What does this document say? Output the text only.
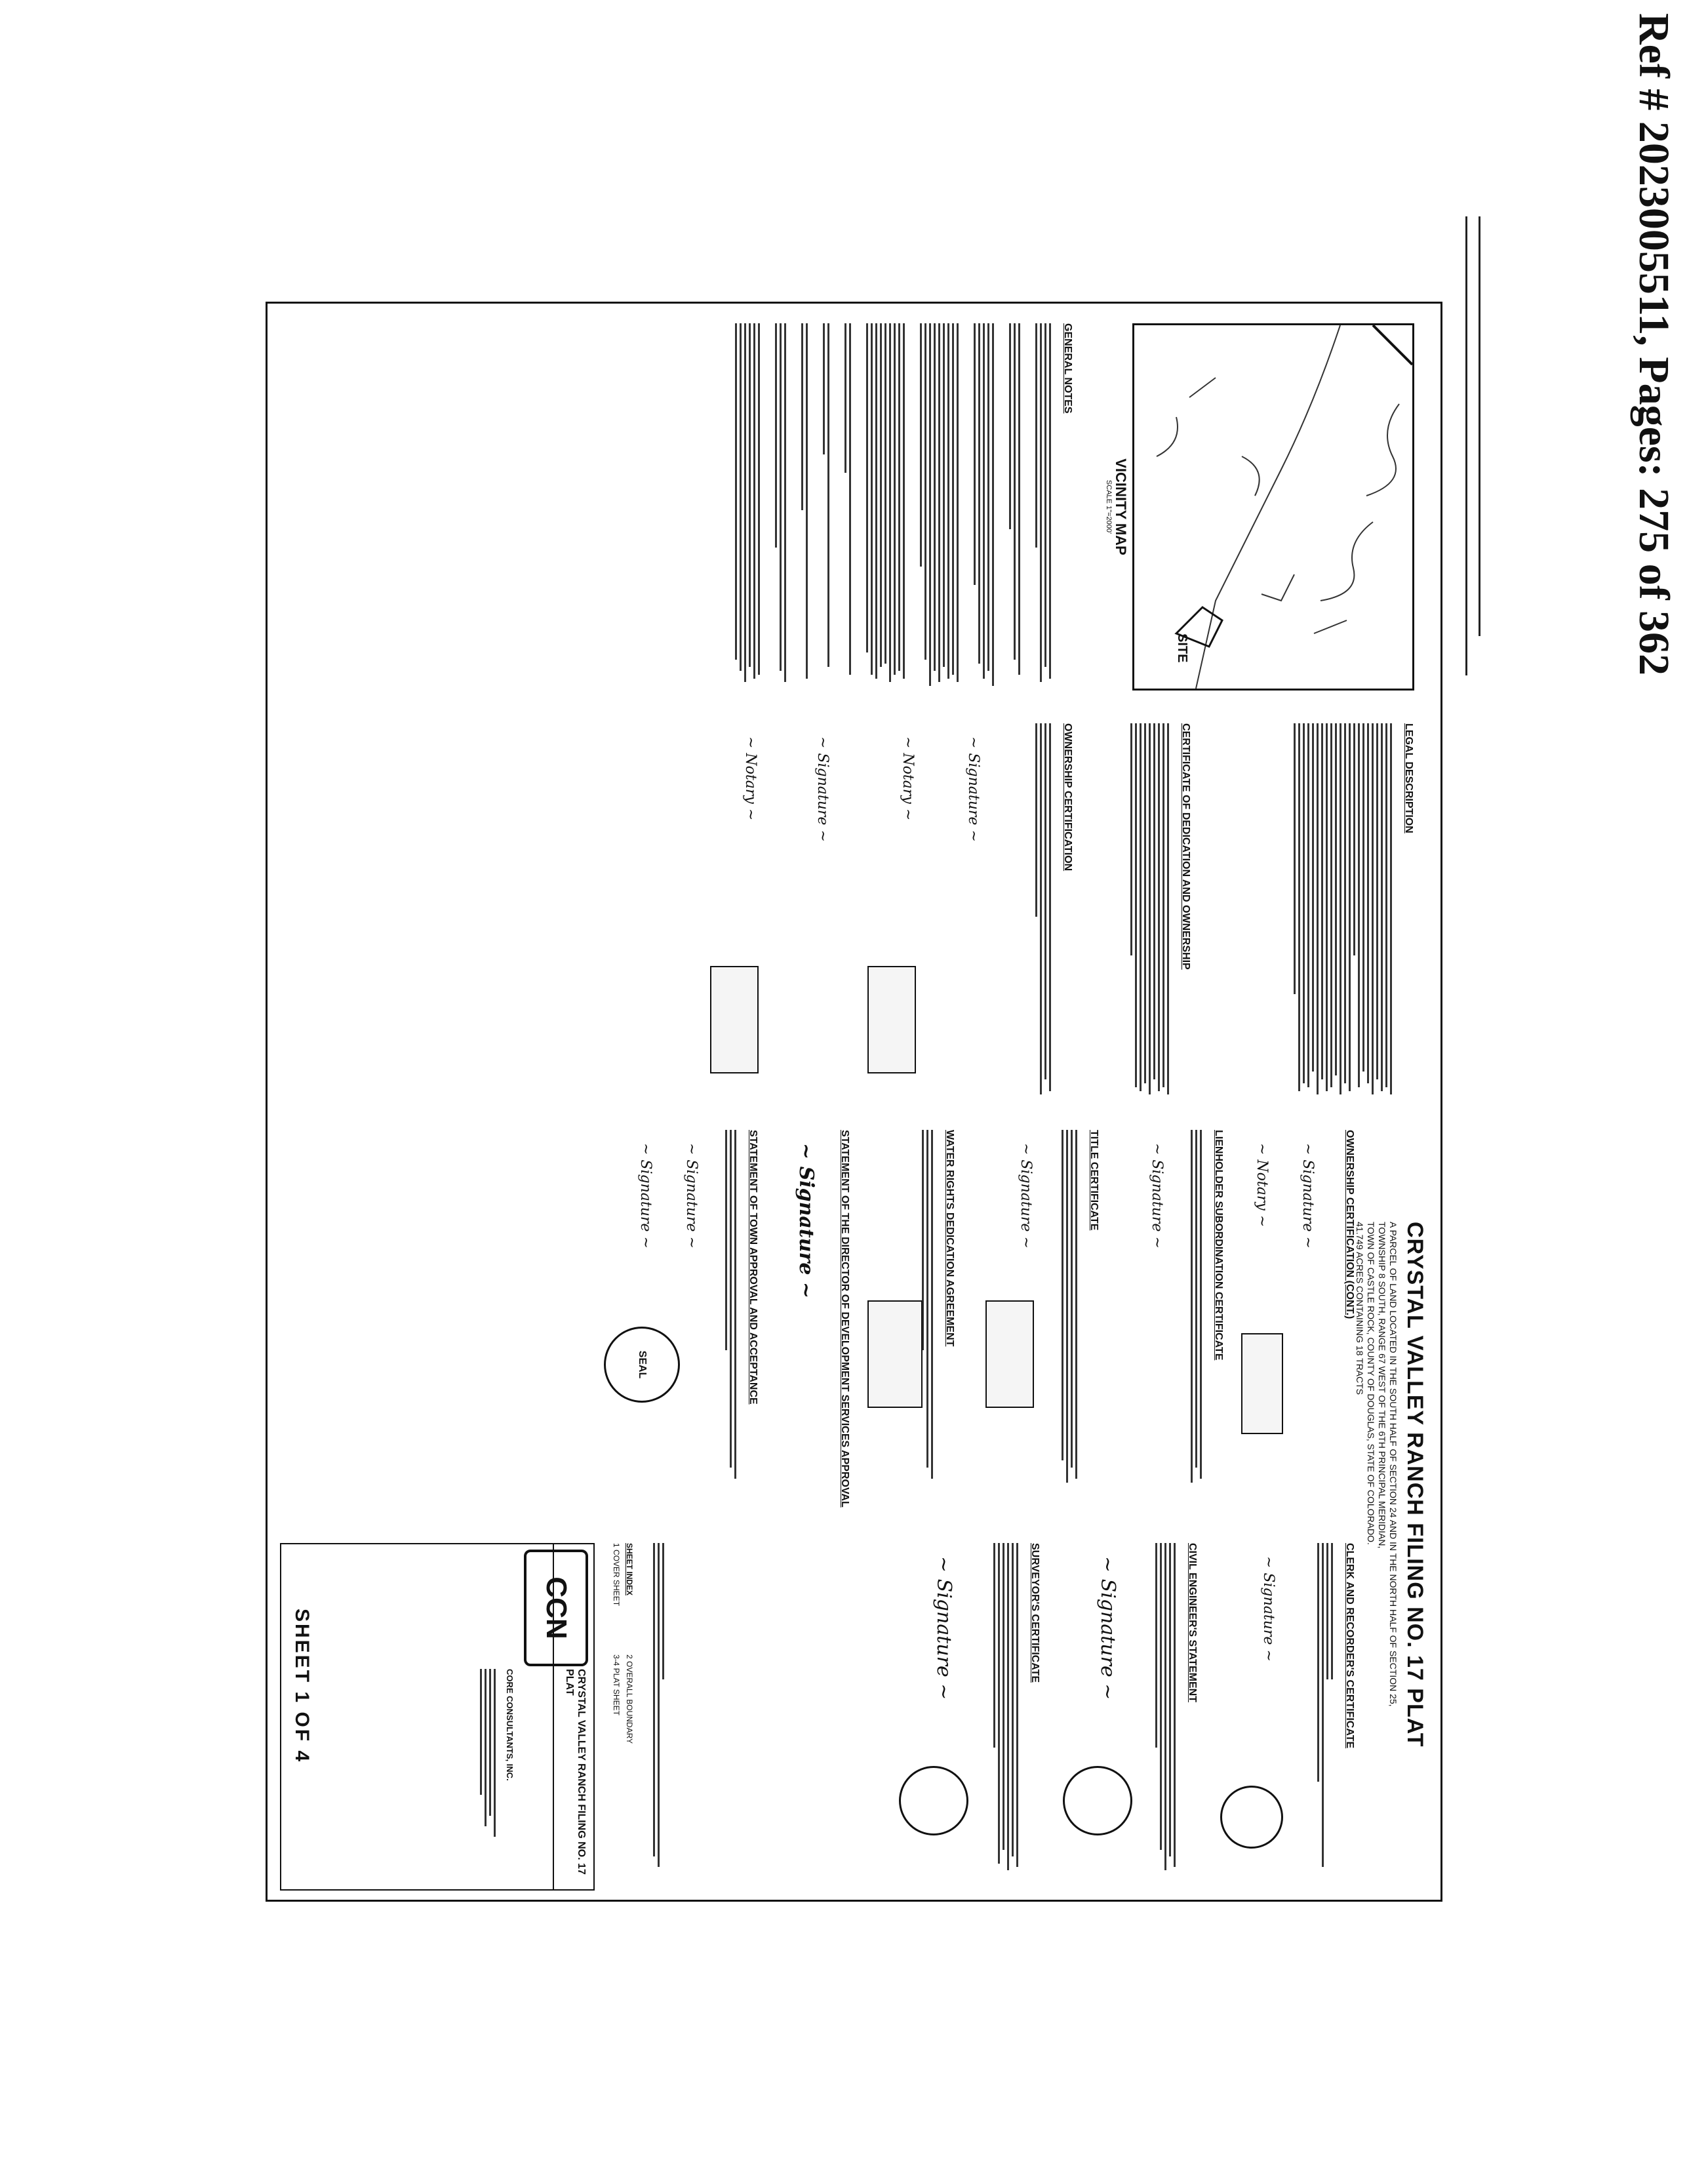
Ref # 2023005511, Pages: 275 of 362
CRYSTAL VALLEY RANCH FILING NO. 17 PLAT
A PARCEL OF LAND LOCATED IN THE SOUTH HALF OF SECTION 24 AND IN THE NORTH HALF OF SECTION 25,
TOWNSHIP 8 SOUTH, RANGE 67 WEST OF THE 6TH PRINCIPAL MERIDIAN,
TOWN OF CASTLE ROCK, COUNTY OF DOUGLAS, STATE OF COLORADO.
41.749 ACRES CONTAINING 18 TRACTS
SITE
VICINITY MAP
SCALE 1"=2000'
GENERAL NOTES
LEGAL DESCRIPTION
CERTIFICATE OF DEDICATION AND OWNERSHIP
OWNERSHIP CERTIFICATION
~ Signature ~
~ Notary ~
~ Signature ~
~ Notary ~
OWNERSHIP CERTIFICATION (CONT.)
~ Signature ~
~ Notary ~
LIENHOLDER SUBORDINATION CERTIFICATE
~ Signature ~
TITLE CERTIFICATE
~ Signature ~
WATER RIGHTS DEDICATION AGREEMENT
STATEMENT OF THE DIRECTOR OF DEVELOPMENT SERVICES APPROVAL
~ Signature ~
STATEMENT OF TOWN APPROVAL AND ACCEPTANCE
~ Signature ~
~ Signature ~
SEAL
CLERK AND RECORDER'S CERTIFICATE
~ Signature ~
CIVIL ENGINEER'S STATEMENT
~ Signature ~
SURVEYOR'S CERTIFICATE
~ Signature ~
SHEET INDEX
1 COVER SHEET
2 OVERALL BOUNDARY
3-4 PLAT SHEET
CRYSTAL VALLEY RANCH FILING NO. 17 PLAT
CORE CONSULTANTS, INC.
CCN
SHEET 1 OF 4
